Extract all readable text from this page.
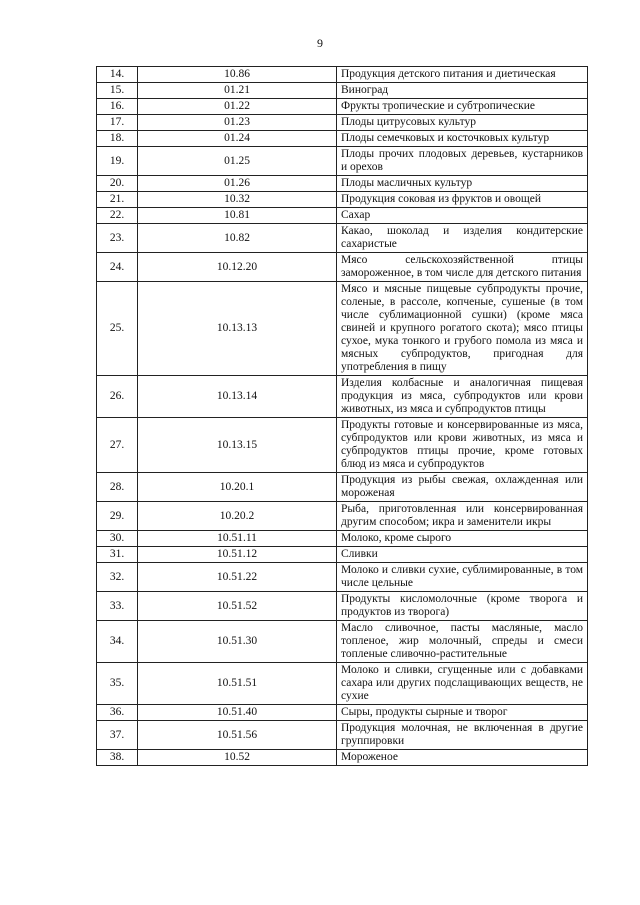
9
14.	10.86	Продукция детского питания и диетическая
15.	01.21	Виноград
16.	01.22	Фрукты тропические и субтропические
17.	01.23	Плоды цитрусовых культур
18.	01.24	Плоды семечковых и косточковых культур
19.	01.25	Плоды прочих плодовых деревьев, кустарников и орехов
20.	01.26	Плоды масличных культур
21.	10.32	Продукция соковая из фруктов и овощей
22.	10.81	Сахар
23.	10.82	Какао, шоколад и изделия кондитерские сахаристые
24.	10.12.20	Мясо сельскохозяйственной птицы замороженное, в том числе для детского питания
25.	10.13.13	Мясо и мясные пищевые субпродукты прочие, соленые, в рассоле, копченые, сушеные (в том числе сублимационной сушки) (кроме мяса свиней и крупного рогатого скота); мясо птицы сухое, мука тонкого и грубого помола из мяса и мясных субпродуктов, пригодная для употребления в пищу
26.	10.13.14	Изделия колбасные и аналогичная пищевая продукция из мяса, субпродуктов или крови животных, из мяса и субпродуктов птицы
27.	10.13.15	Продукты готовые и консервированные из мяса, субпродуктов или крови животных, из мяса и субпродуктов птицы прочие, кроме готовых блюд из мяса и субпродуктов
28.	10.20.1	Продукция из рыбы свежая, охлажденная или мороженая
29.	10.20.2	Рыба, приготовленная или консервированная другим способом; икра и заменители икры
30.	10.51.11	Молоко, кроме сырого
31.	10.51.12	Сливки
32.	10.51.22	Молоко и сливки сухие, сублимированные, в том числе цельные
33.	10.51.52	Продукты кисломолочные (кроме творога и продуктов из творога)
34.	10.51.30	Масло сливочное, пасты масляные, масло топленое, жир молочный, спреды и смеси топленые сливочно-растительные
35.	10.51.51	Молоко и сливки, сгущенные или с добавками сахара или других подслащивающих веществ, не сухие
36.	10.51.40	Сыры, продукты сырные и творог
37.	10.51.56	Продукция молочная, не включенная в другие группировки
38.	10.52	Мороженое
